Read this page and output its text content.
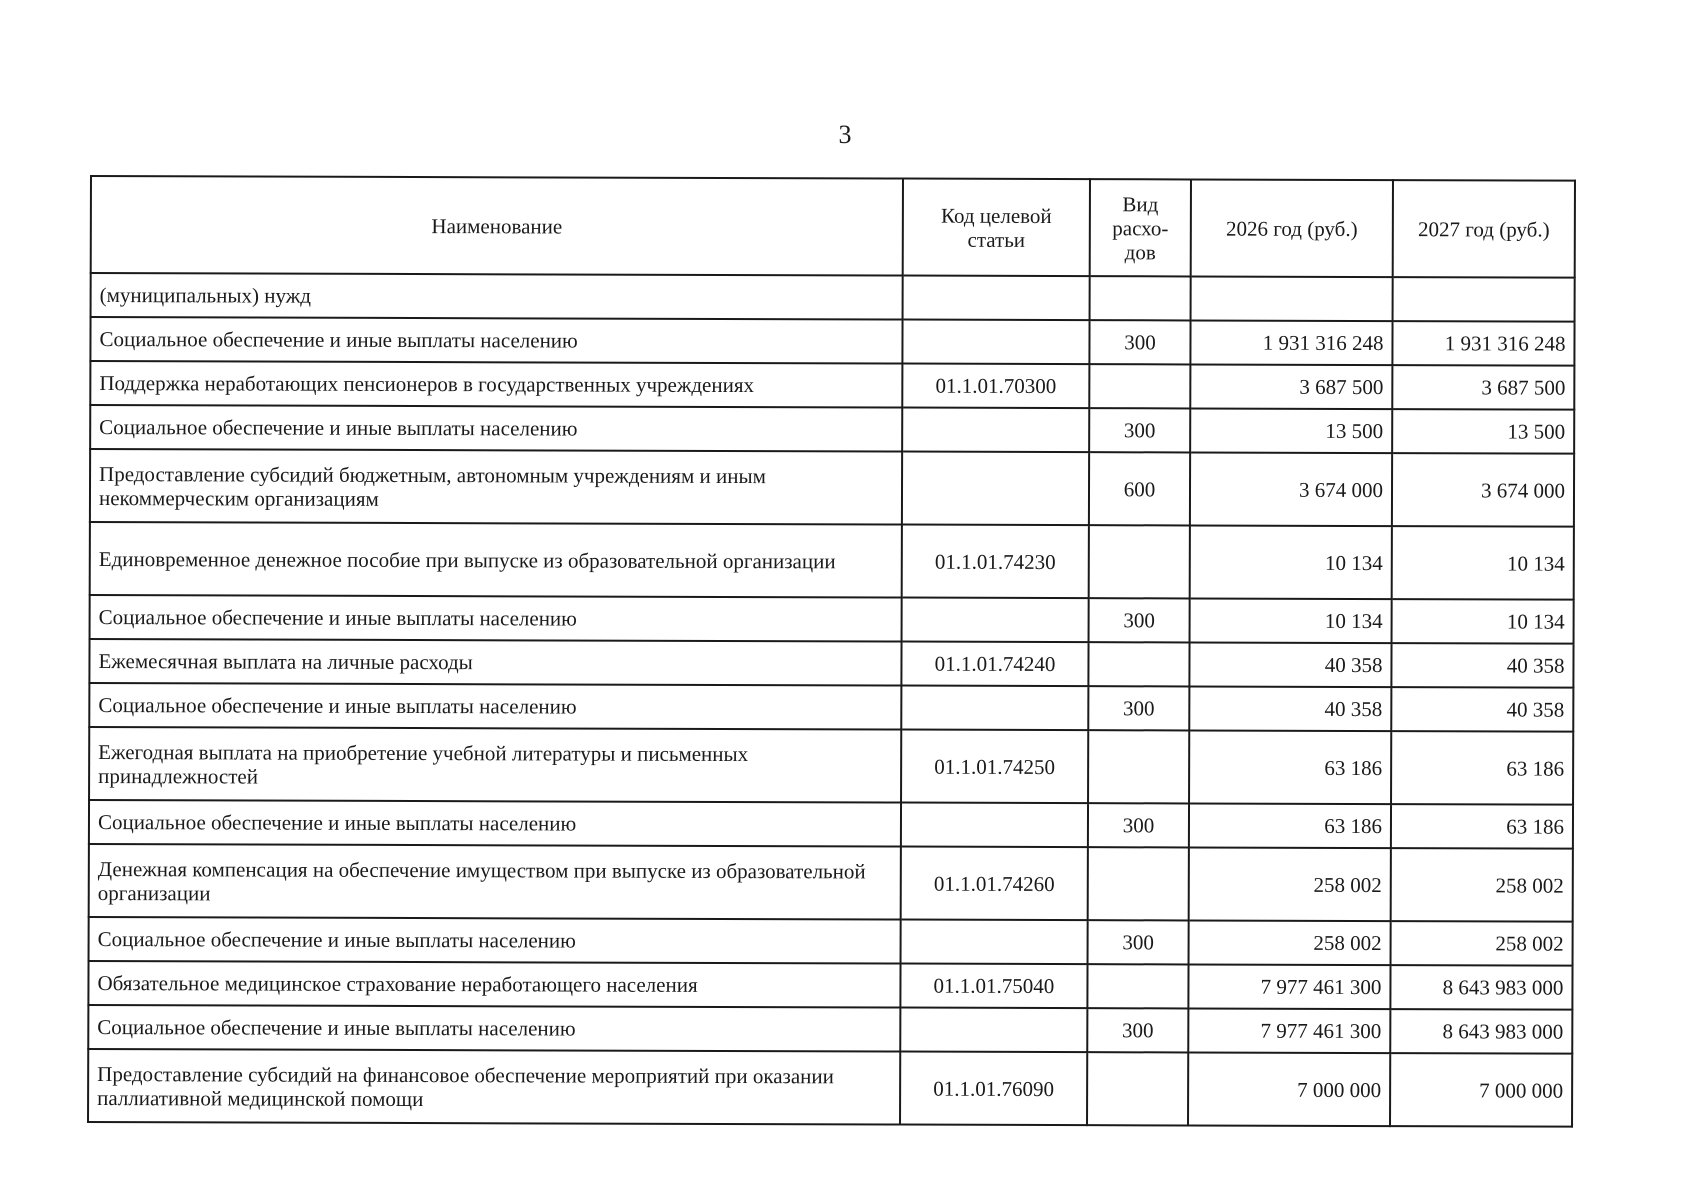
3
Наименование	Код целевой статьи	Вид расхо-дов	2026 год (руб.)	2027 год (руб.)
(муниципальных) нужд				
Социальное обеспечение и иные выплаты населению		300	1 931 316 248	1 931 316 248
Поддержка неработающих пенсионеров в государственных учреждениях	01.1.01.70300		3 687 500	3 687 500
Социальное обеспечение и иные выплаты населению		300	13 500	13 500
Предоставление субсидий бюджетным, автономным учреждениям и иным некоммерческим организациям		600	3 674 000	3 674 000
Единовременное денежное пособие при выпуске из образовательной организации	01.1.01.74230		10 134	10 134
Социальное обеспечение и иные выплаты населению		300	10 134	10 134
Ежемесячная выплата на личные расходы	01.1.01.74240		40 358	40 358
Социальное обеспечение и иные выплаты населению		300	40 358	40 358
Ежегодная выплата на приобретение учебной литературы и письменных принадлежностей	01.1.01.74250		63 186	63 186
Социальное обеспечение и иные выплаты населению		300	63 186	63 186
Денежная компенсация на обеспечение имуществом при выпуске из образовательной организации	01.1.01.74260		258 002	258 002
Социальное обеспечение и иные выплаты населению		300	258 002	258 002
Обязательное медицинское страхование неработающего населения	01.1.01.75040		7 977 461 300	8 643 983 000
Социальное обеспечение и иные выплаты населению		300	7 977 461 300	8 643 983 000
Предоставление субсидий на финансовое обеспечение мероприятий при оказании паллиативной медицинской помощи	01.1.01.76090		7 000 000	7 000 000
